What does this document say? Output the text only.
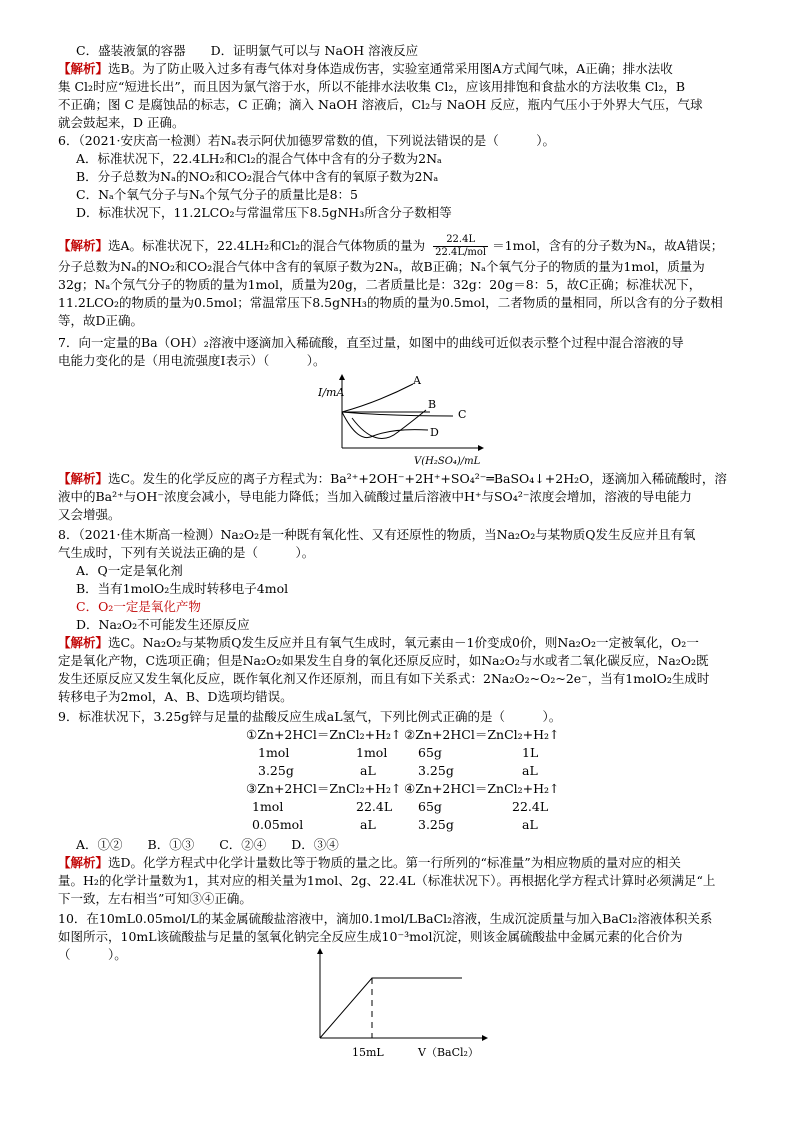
C．盛装液氯的容器　　D．证明氯气可以与 NaOH 溶液反应
【解析】选B。为了防止吸入过多有毒气体对身体造成伤害，实验室通常采用图A方式闻气味，A正确；排水法收
集 Cl₂时应“短进长出”，而且因为氯气溶于水，所以不能排水法收集 Cl₂，应该用排饱和食盐水的方法收集 Cl₂，B
不正确；图 C 是腐蚀品的标志，C 正确；滴入 NaOH 溶液后，Cl₂与 NaOH 反应，瓶内气压小于外界大气压，气球
就会鼓起来，D 正确。
6．（2021·安庆高一检测）若Nₐ表示阿伏加德罗常数的值，下列说法错误的是（　　　）。
A．标准状况下，22.4LH₂和Cl₂的混合气体中含有的分子数为2Nₐ
B．分子总数为Nₐ的NO₂和CO₂混合气体中含有的氧原子数为2Nₐ
C．Nₐ个氧气分子与Nₐ个氖气分子的质量比是8：5
D．标准状况下，11.2LCO₂与常温常压下8.5gNH₃所含分子数相等
【解析】选A。标准状况下，22.4LH₂和Cl₂的混合气体物质的量为	22.4L
22.4L/mol ＝1mol，含有的分子数为Nₐ，故A错误；
分子总数为Nₐ的NO₂和CO₂混合气体中含有的氧原子数为2Nₐ，故B正确；Nₐ个氧气分子的物质的量为1mol，质量为
32g；Nₐ个氖气分子的物质的量为1mol，质量为20g，二者质量比是：32g：20g＝8：5，故C正确；标准状况下，
11.2LCO₂的物质的量为0.5mol；常温常压下8.5gNH₃的物质的量为0.5mol，二者物质的量相同，所以含有的分子数相
等，故D正确。
7．向一定量的Ba（OH）₂溶液中逐滴加入稀硫酸，直至过量，如图中的曲线可近似表示整个过程中混合溶液的导
电能力变化的是（用电流强度I表示）（　　　）。
I/mA
A
B
C
D
V(H₂SO₄)/mL
【解析】选C。发生的化学反应的离子方程式为：Ba²⁺+2OH⁻+2H⁺+SO₄²⁻═BaSO₄↓+2H₂O，逐滴加入稀硫酸时，溶
液中的Ba²⁺与OH⁻浓度会减小，导电能力降低；当加入硫酸过量后溶液中H⁺与SO₄²⁻浓度会增加，溶液的导电能力
又会增强。
8．（2021·佳木斯高一检测）Na₂O₂是一种既有氧化性、又有还原性的物质，当Na₂O₂与某物质Q发生反应并且有氧
气生成时，下列有关说法正确的是（　　　）。
A．Q一定是氧化剂
B．当有1molO₂生成时转移电子4mol
C．O₂一定是氧化产物
D．Na₂O₂不可能发生还原反应
【解析】选C。Na₂O₂与某物质Q发生反应并且有氧气生成时，氧元素由－1价变成0价，则Na₂O₂一定被氧化，O₂一
定是氧化产物，C选项正确；但是Na₂O₂如果发生自身的氧化还原反应时，如Na₂O₂与水或者二氧化碳反应，Na₂O₂既
发生还原反应又发生氧化反应，既作氧化剂又作还原剂，而且有如下关系式：2Na₂O₂~O₂~2e⁻，当有1molO₂生成时
转移电子为2mol，A、B、D选项均错误。
9．标准状况下，3.25g锌与足量的盐酸反应生成aL氢气，下列比例式正确的是（　　　）。
①Zn+2HCl＝ZnCl₂+H₂↑ ②Zn+2HCl＝ZnCl₂+H₂↑
1mol	1mol 65g	1L
3.25g	aL	3.25g	aL
③Zn+2HCl＝ZnCl₂+H₂↑ ④Zn+2HCl＝ZnCl₂+H₂↑
1mol	22.4L 65g	22.4L
0.05mol	aL	3.25g	aL
A．①②　　B．①③　　C．②④　　D．③④
【解析】选D。化学方程式中化学计量数比等于物质的量之比。第一行所列的“标准量”为相应物质的量对应的相关
量。H₂的化学计量数为1，其对应的相关量为1mol、2g、22.4L（标准状况下）。再根据化学方程式计算时必须满足“上
下一致，左右相当”可知③④正确。
10．在10mL0.05mol/L的某金属硫酸盐溶液中，滴加0.1mol/LBaCl₂溶液，生成沉淀质量与加入BaCl₂溶液体积关系
如图所示，10mL该硫酸盐与足量的氢氧化钠完全反应生成10⁻³mol沉淀，则该金属硫酸盐中金属元素的化合价为
（　　　）。
15mL	V（BaCl₂）
